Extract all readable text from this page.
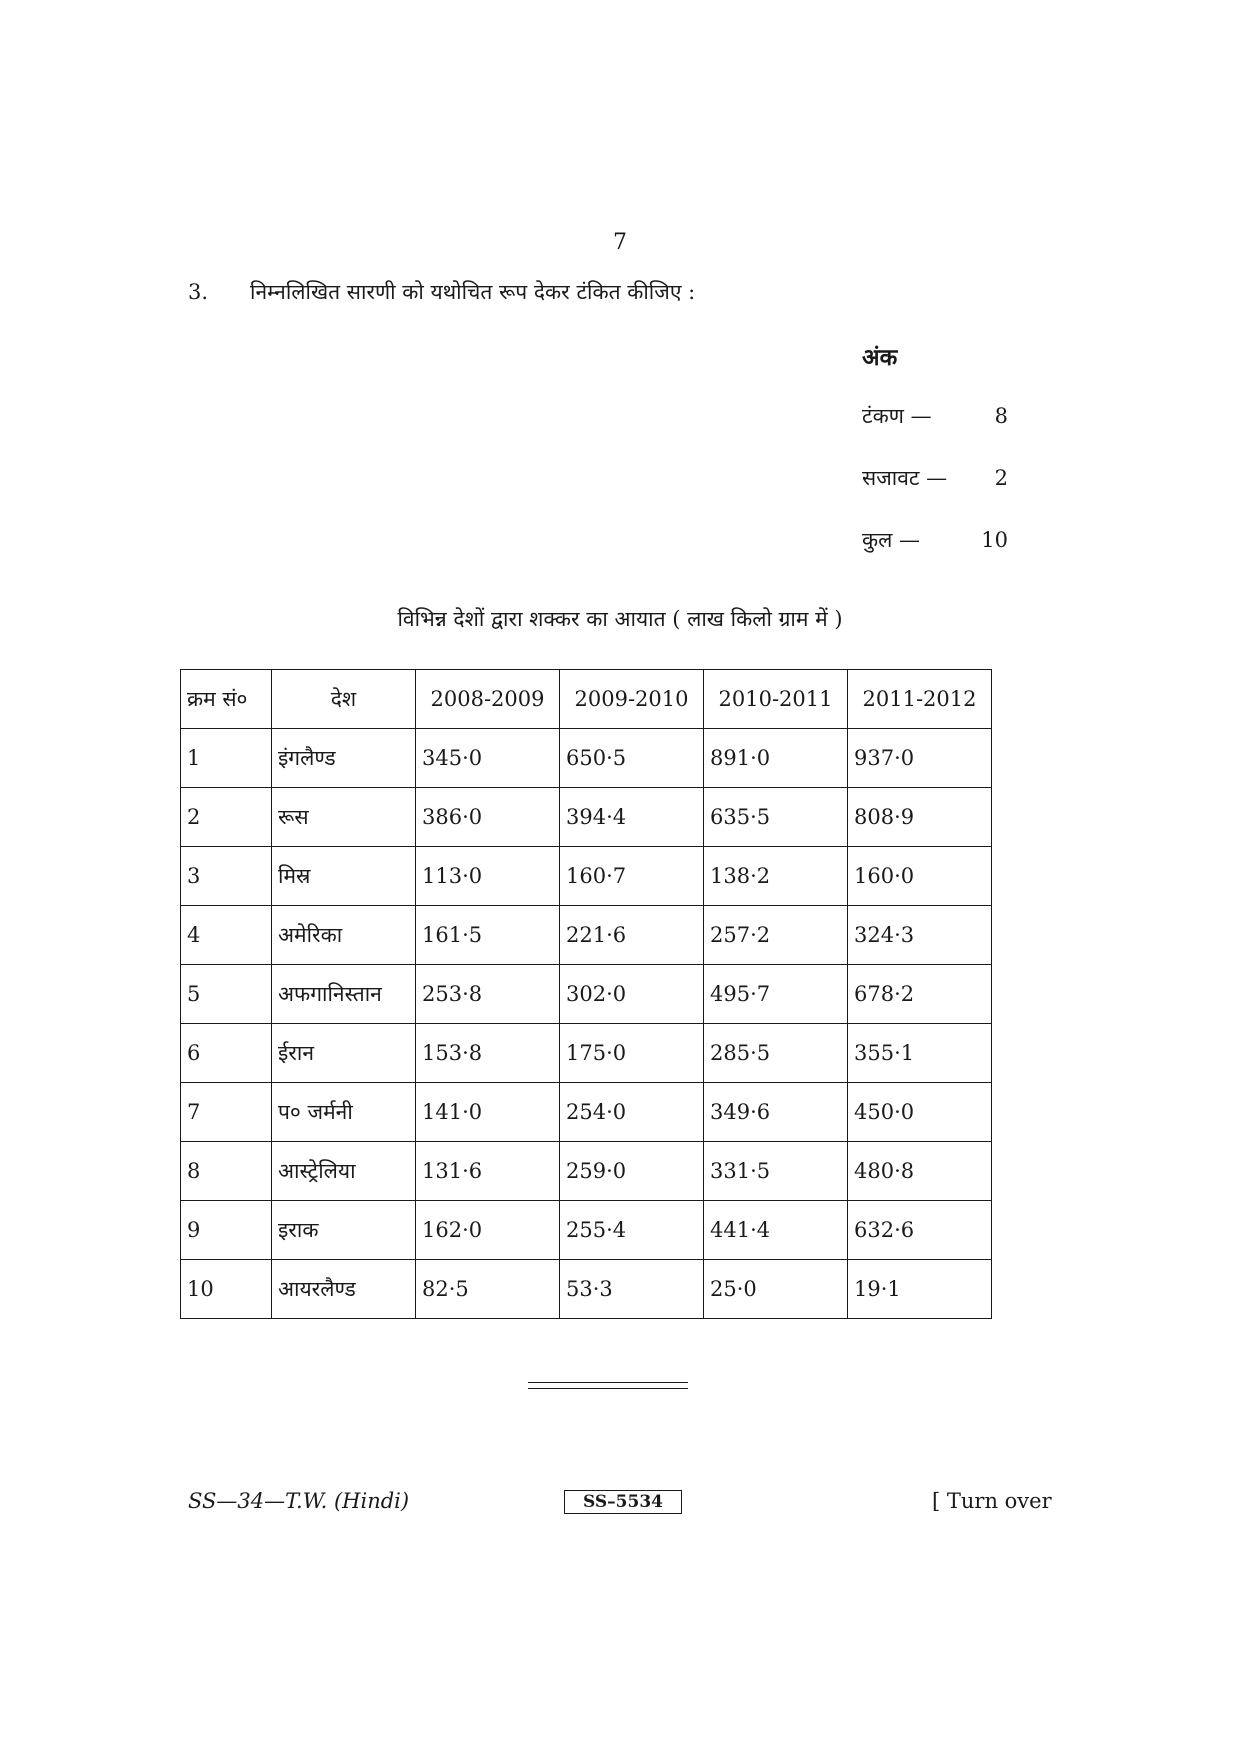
7
3. निम्नलिखित सारणी को यथोचित रूप देकर टंकित कीजिए :
अंक
टंकण —	8
सजावट — 2
कुल —	10
विभिन्न देशों द्वारा शक्कर का आयात ( लाख किलो ग्राम में )
क्रम सं०	देश	2008-2009	2009-2010	2010-2011	2011-2012
1	इंगलैण्ड	345·0	650·5	891·0	937·0
2	रूस	386·0	394·4	635·5	808·9
3	मिस्र	113·0	160·7	138·2	160·0
4	अमेरिका	161·5	221·6	257·2	324·3
5	अफगानिस्तान	253·8	302·0	495·7	678·2
6	ईरान	153·8	175·0	285·5	355·1
7	प० जर्मनी	141·0	254·0	349·6	450·0
8	आस्ट्रेलिया	131·6	259·0	331·5	480·8
9	इराक	162·0	255·4	441·4	632·6
10	आयरलैण्ड	82·5	53·3	25·0	19·1
SS—34—T.W. (Hindi)	SS–5534	[ Turn over
